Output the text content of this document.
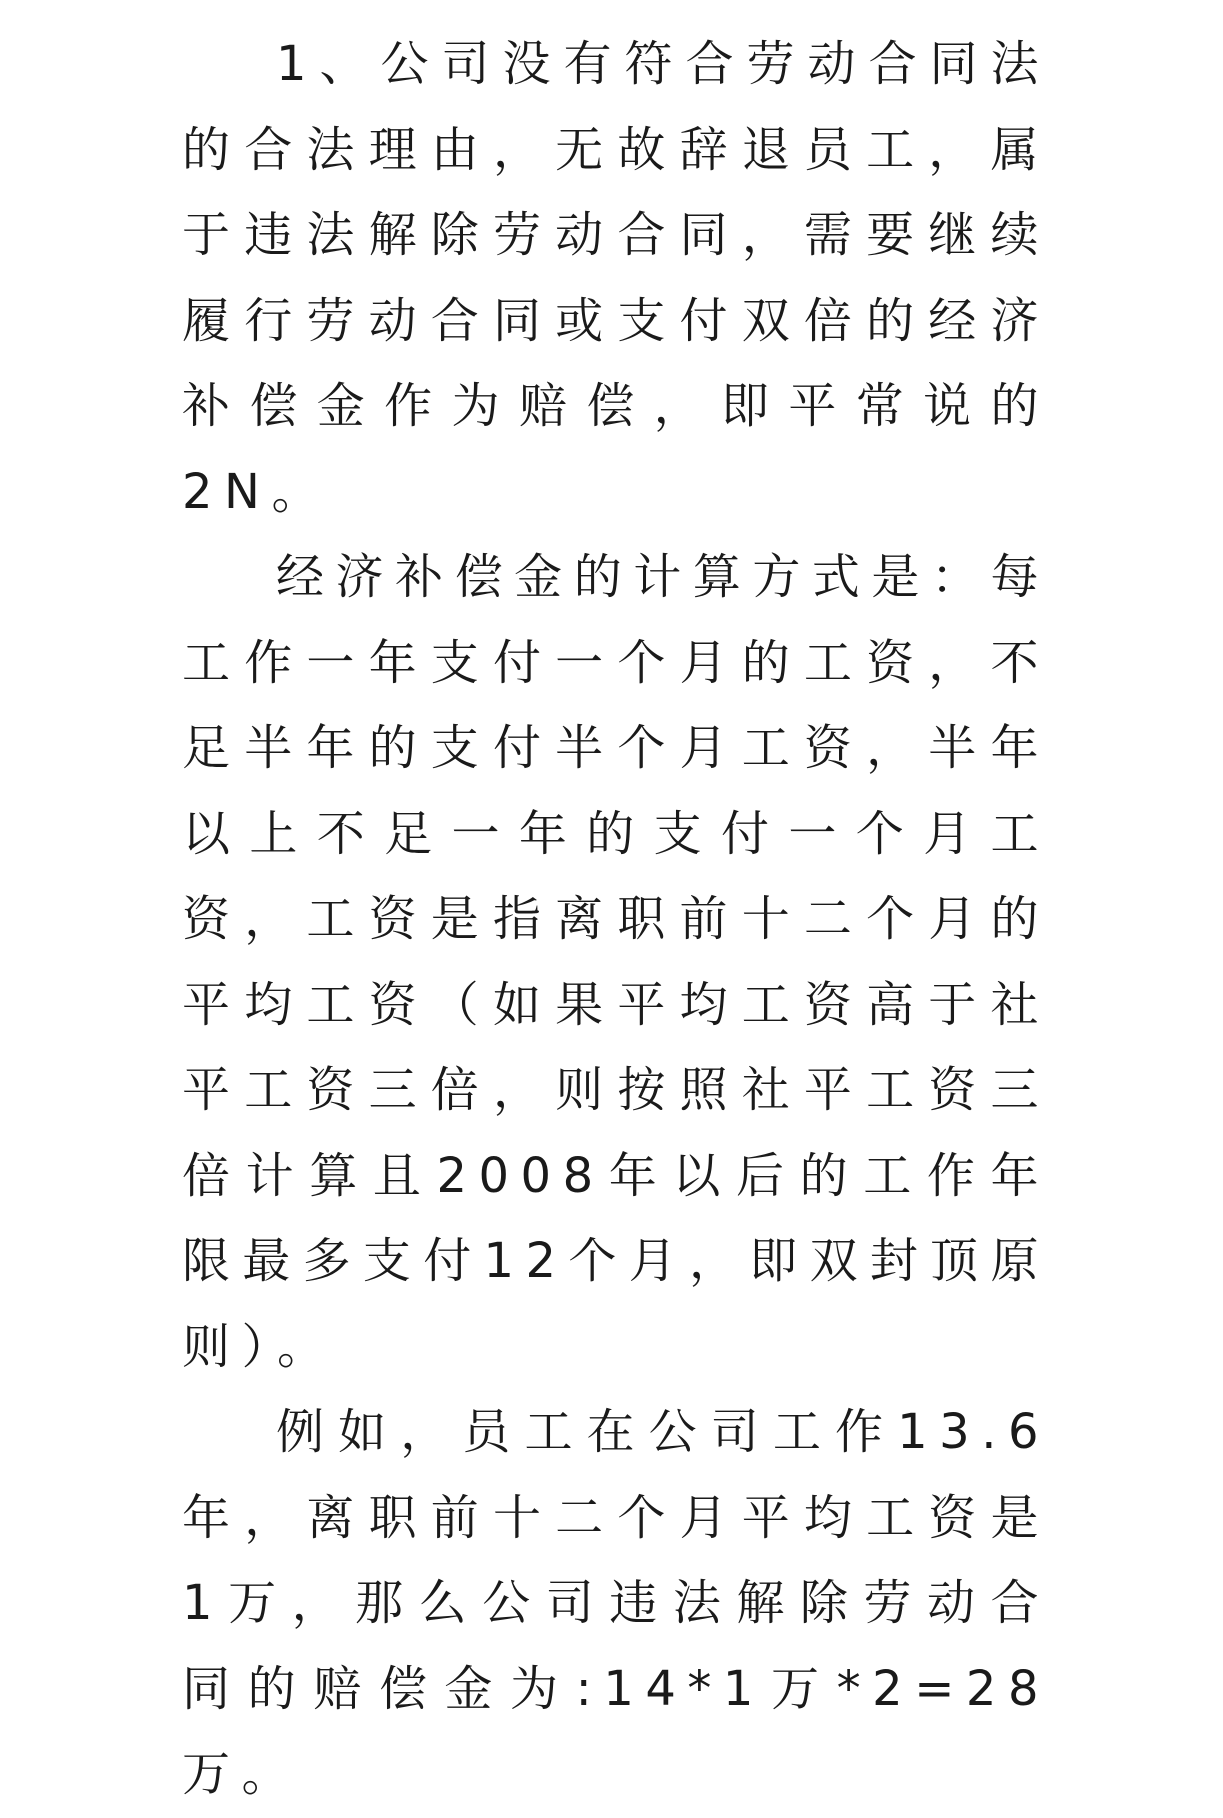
1、公司没有符合劳动合同法的合法理由，无故辞退员工，属于违法解除劳动合同，需要继续履行劳动合同或支付双倍的经济补偿金作为赔偿，即平常说的2N。

经济补偿金的计算方式是：每工作一年支付一个月的工资，不足半年的支付半个月工资，半年以上不足一年的支付一个月工资，工资是指离职前十二个月的平均工资（如果平均工资高于社平工资三倍，则按照社平工资三倍计算且2008年以后的工作年限最多支付12个月，即双封顶原则）。

例如，员工在公司工作13.6年，离职前十二个月平均工资是1万，那么公司违法解除劳动合同的赔偿金为:14*1万*2=28万。
